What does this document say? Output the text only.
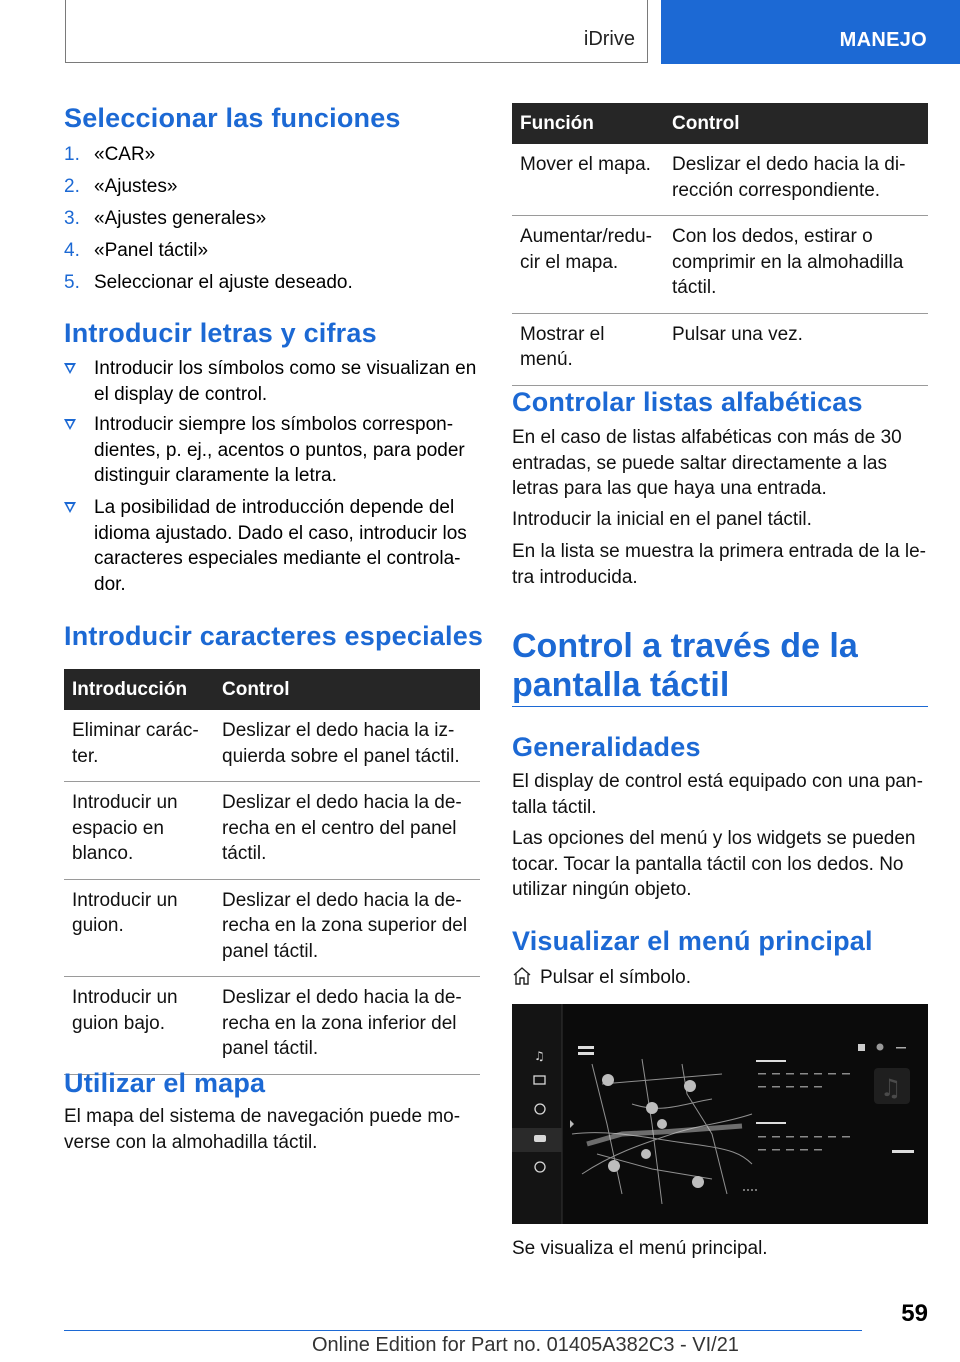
iDrive	MANEJO
Seleccionar las funciones
1. «CAR»
2. «Ajustes»
3. «Ajustes generales»
4. «Panel táctil»
5. Seleccionar el ajuste deseado.
Introducir letras y cifras
Introducir los símbolos como se visualizan en el display de control.
Introducir siempre los símbolos correspon- dientes, p. ej., acentos o puntos, para poder distinguir claramente la letra.
La posibilidad de introducción depende del idioma ajustado. Dado el caso, introducir los caracteres especiales mediante el controla- dor.
Introducir caracteres especiales
Introducción	Control
Eliminar carác- ter.	Deslizar el dedo hacia la iz- quierda sobre el panel táctil.
Introducir un espacio en blanco.	Deslizar el dedo hacia la de- recha en el centro del panel táctil.
Introducir un guion.	Deslizar el dedo hacia la de- recha en la zona superior del panel táctil.
Introducir un guion bajo.	Deslizar el dedo hacia la de- recha en la zona inferior del panel táctil.
Utilizar el mapa

El mapa del sistema de navegación puede mo- verse con la almohadilla táctil.

Función	Control
Mover el mapa.	Deslizar el dedo hacia la di- rección correspondiente.
Aumentar/redu- cir el mapa.	Con los dedos, estirar o comprimir en la almohadilla táctil.
Mostrar el menú.	Pulsar una vez.
Controlar listas alfabéticas

En el caso de listas alfabéticas con más de 30 entradas, se puede saltar directamente a las letras para las que haya una entrada.

Introducir la inicial en el panel táctil.

En la lista se muestra la primera entrada de la le- tra introducida.

Control a través de la pantalla táctil
Generalidades

El display de control está equipado con una pan- talla táctil.

Las opciones del menú y los widgets se pueden tocar. Tocar la pantalla táctil con los dedos. No utilizar ningún objeto.

Visualizar el menú principal

Pulsar el símbolo.

Se visualiza el menú principal.

♫
♫
59
Online Edition for Part no. 01405A382C3 - VI/21
